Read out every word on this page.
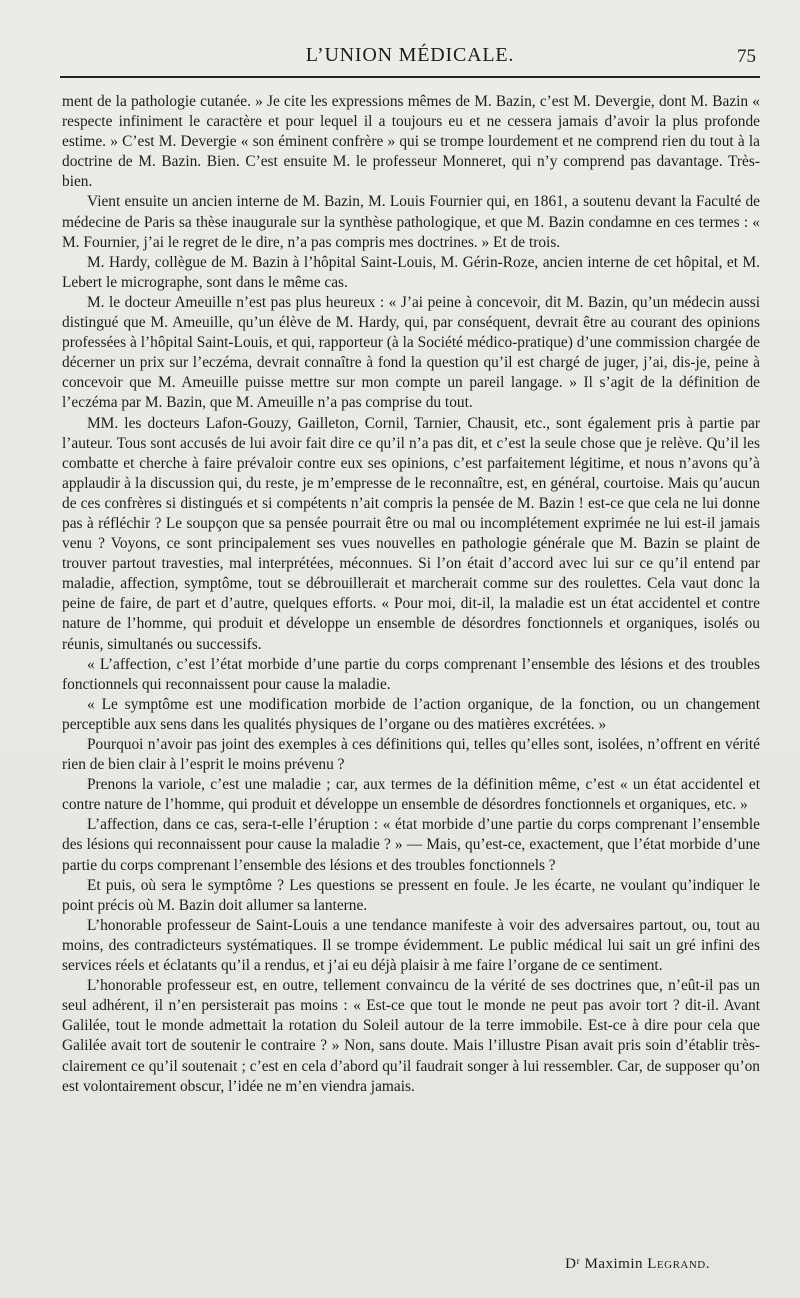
L’UNION MÉDICALE.	75

ment de la pathologie cutanée. » Je cite les expressions mêmes de M. Bazin, c’est M. Devergie, dont M. Bazin « respecte infiniment le caractère et pour lequel il a toujours eu et ne cessera jamais d’avoir la plus profonde estime. » C’est M. Devergie « son éminent confrère » qui se trompe lourdement et ne comprend rien du tout à la doctrine de M. Bazin. Bien. C’est ensuite M. le professeur Monneret, qui n’y comprend pas davantage. Très-bien.

Vient ensuite un ancien interne de M. Bazin, M. Louis Fournier qui, en 1861, a soutenu devant la Faculté de médecine de Paris sa thèse inaugurale sur la synthèse pathologique, et que M. Bazin condamne en ces termes : « M. Fournier, j’ai le regret de le dire, n’a pas compris mes doctrines. » Et de trois.

M. Hardy, collègue de M. Bazin à l’hôpital Saint-Louis, M. Gérin-Roze, ancien interne de cet hôpital, et M. Lebert le micrographe, sont dans le même cas.

M. le docteur Ameuille n’est pas plus heureux : « J’ai peine à concevoir, dit M. Bazin, qu’un médecin aussi distingué que M. Ameuille, qu’un élève de M. Hardy, qui, par conséquent, devrait être au courant des opinions professées à l’hôpital Saint-Louis, et qui, rapporteur (à la Société médico-pratique) d’une commission chargée de décerner un prix sur l’eczéma, devrait connaître à fond la question qu’il est chargé de juger, j’ai, dis-je, peine à concevoir que M. Ameuille puisse mettre sur mon compte un pareil langage. » Il s’agit de la définition de l’eczéma par M. Bazin, que M. Ameuille n’a pas comprise du tout.

MM. les docteurs Lafon-Gouzy, Gailleton, Cornil, Tarnier, Chausit, etc., sont également pris à partie par l’auteur. Tous sont accusés de lui avoir fait dire ce qu’il n’a pas dit, et c’est la seule chose que je relève. Qu’il les combatte et cherche à faire prévaloir contre eux ses opinions, c’est parfaitement légitime, et nous n’avons qu’à applaudir à la discussion qui, du reste, je m’empresse de le reconnaître, est, en général, courtoise. Mais qu’aucun de ces confrères si distingués et si compétents n’ait compris la pensée de M. Bazin ! est-ce que cela ne lui donne pas à réfléchir ? Le soupçon que sa pensée pourrait être ou mal ou incomplétement exprimée ne lui est-il jamais venu ? Voyons, ce sont principalement ses vues nouvelles en pathologie générale que M. Bazin se plaint de trouver partout travesties, mal interprétées, méconnues. Si l’on était d’accord avec lui sur ce qu’il entend par maladie, affection, symptôme, tout se débrouillerait et marcherait comme sur des roulettes. Cela vaut donc la peine de faire, de part et d’autre, quelques efforts. « Pour moi, dit-il, la maladie est un état accidentel et contre nature de l’homme, qui produit et développe un ensemble de désordres fonctionnels et organiques, isolés ou réunis, simultanés ou successifs.

« L’affection, c’est l’état morbide d’une partie du corps comprenant l’ensemble des lésions et des troubles fonctionnels qui reconnaissent pour cause la maladie.

« Le symptôme est une modification morbide de l’action organique, de la fonction, ou un changement perceptible aux sens dans les qualités physiques de l’organe ou des matières excrétées. »

Pourquoi n’avoir pas joint des exemples à ces définitions qui, telles qu’elles sont, isolées, n’offrent en vérité rien de bien clair à l’esprit le moins prévenu ?

Prenons la variole, c’est une maladie ; car, aux termes de la définition même, c’est « un état accidentel et contre nature de l’homme, qui produit et développe un ensemble de désordres fonctionnels et organiques, etc. »

L’affection, dans ce cas, sera-t-elle l’éruption : « état morbide d’une partie du corps comprenant l’ensemble des lésions qui reconnaissent pour cause la maladie ? » — Mais, qu’est-ce, exactement, que l’état morbide d’une partie du corps comprenant l’ensemble des lésions et des troubles fonctionnels ?

Et puis, où sera le symptôme ? Les questions se pressent en foule. Je les écarte, ne voulant qu’indiquer le point précis où M. Bazin doit allumer sa lanterne.

L’honorable professeur de Saint-Louis a une tendance manifeste à voir des adversaires partout, ou, tout au moins, des contradicteurs systématiques. Il se trompe évidemment. Le public médical lui sait un gré infini des services réels et éclatants qu’il a rendus, et j’ai eu déjà plaisir à me faire l’organe de ce sentiment.

L’honorable professeur est, en outre, tellement convaincu de la vérité de ses doctrines que, n’eût-il pas un seul adhérent, il n’en persisterait pas moins : « Est-ce que tout le monde ne peut pas avoir tort ? dit-il. Avant Galilée, tout le monde admettait la rotation du Soleil autour de la terre immobile. Est-ce à dire pour cela que Galilée avait tort de soutenir le contraire ? » Non, sans doute. Mais l’illustre Pisan avait pris soin d’établir très-clairement ce qu’il soutenait ; c’est en cela d’abord qu’il faudrait songer à lui ressembler. Car, de supposer qu’on est volontairement obscur, l’idée ne m’en viendra jamais.

Dʳ Maximin Legrand.
